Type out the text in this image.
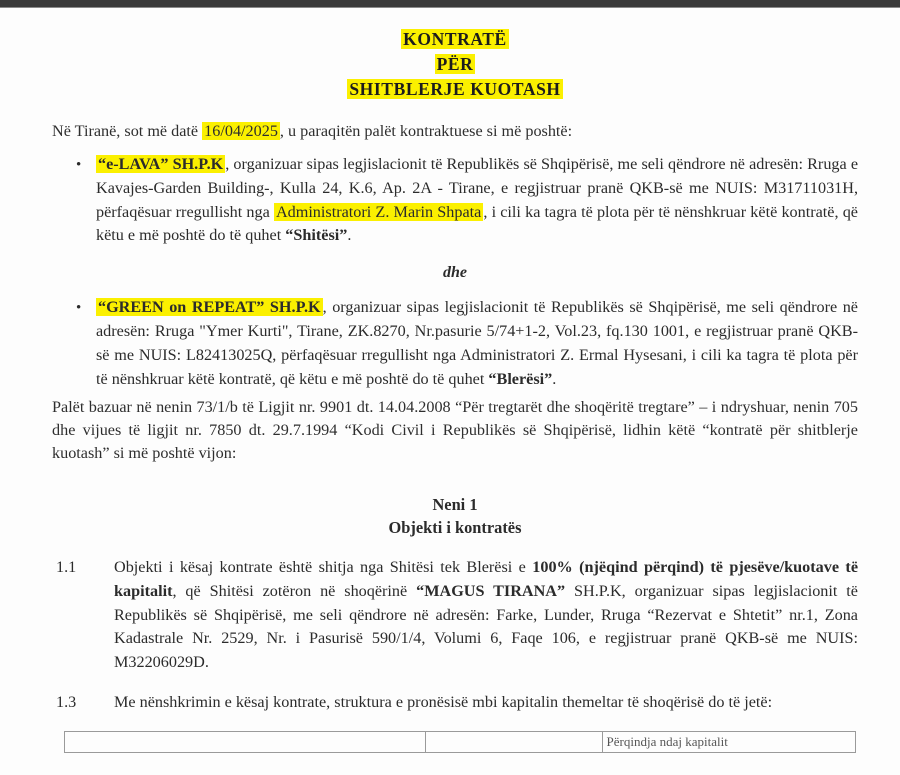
KONTRATË
PËR
SHITBLERJE KUOTASH

Në Tiranë, sot më datë 16/04/2025 , u paraqitën palët kontraktuese si më poshtë:

• “e-LAVA” SH.P.K , organizuar sipas legjislacionit të Republikës së Shqipërisë, me seli qëndrore në adresën: Rruga e Kavajes-Garden Building-, Kulla 24, K.6, Ap. 2A - Tirane, e regjistruar pranë QKB-së me NUIS: M31711031H, përfaqësuar rregullisht nga Administratori Z. Marin Shpata , i cili ka tagra të plota për të nënshkruar këtë kontratë, që këtu e më poshtë do të quhet “Shitësi”.
dhe
• “GREEN on REPEAT” SH.P.K , organizuar sipas legjislacionit të Republikës së Shqipërisë, me seli qëndrore në adresën: Rruga "Ymer Kurti", Tirane, ZK.8270, Nr.pasurie 5/74+1-2, Vol.23, fq.130 1001, e regjistruar pranë QKB-së me NUIS: L82413025Q, përfaqësuar rregullisht nga Administratori Z. Ermal Hysesani, i cili ka tagra të plota për të nënshkruar këtë kontratë, që këtu e më poshtë do të quhet “Blerësi”.

Palët bazuar në nenin 73/1/b të Ligjit nr. 9901 dt. 14.04.2008 “Për tregtarët dhe shoqëritë tregtare” – i ndryshuar, nenin 705 dhe vijues të ligjit nr. 7850 dt. 29.7.1994 “Kodi Civil i Republikës së Shqipërisë, lidhin këtë “kontratë për shitblerje kuotash” si më poshtë vijon:

Neni 1
Objekti i kontratës
1.1	Objekti i kësaj kontrate është shitja nga Shitësi tek Blerësi e 100% (njëqind përqind) të pjesëve/kuotave të kapitalit, që Shitësi zotëron në shoqërinë “MAGUS TIRANA” SH.P.K, organizuar sipas legjislacionit të Republikës së Shqipërisë, me seli qëndrore në adresën: Farke, Lunder, Rruga “Rezervat e Shtetit” nr.1, Zona Kadastrale Nr. 2529, Nr. i Pasurisë 590/1/4, Volumi 6, Faqe 106, e regjistruar pranë QKB-së me NUIS: M32206029D.
1.3	Me nënshkrimin e kësaj kontrate, struktura e pronësisë mbi kapitalin themeltar të shoqërisë do të jetë:
		Përqindja ndaj kapitalit
